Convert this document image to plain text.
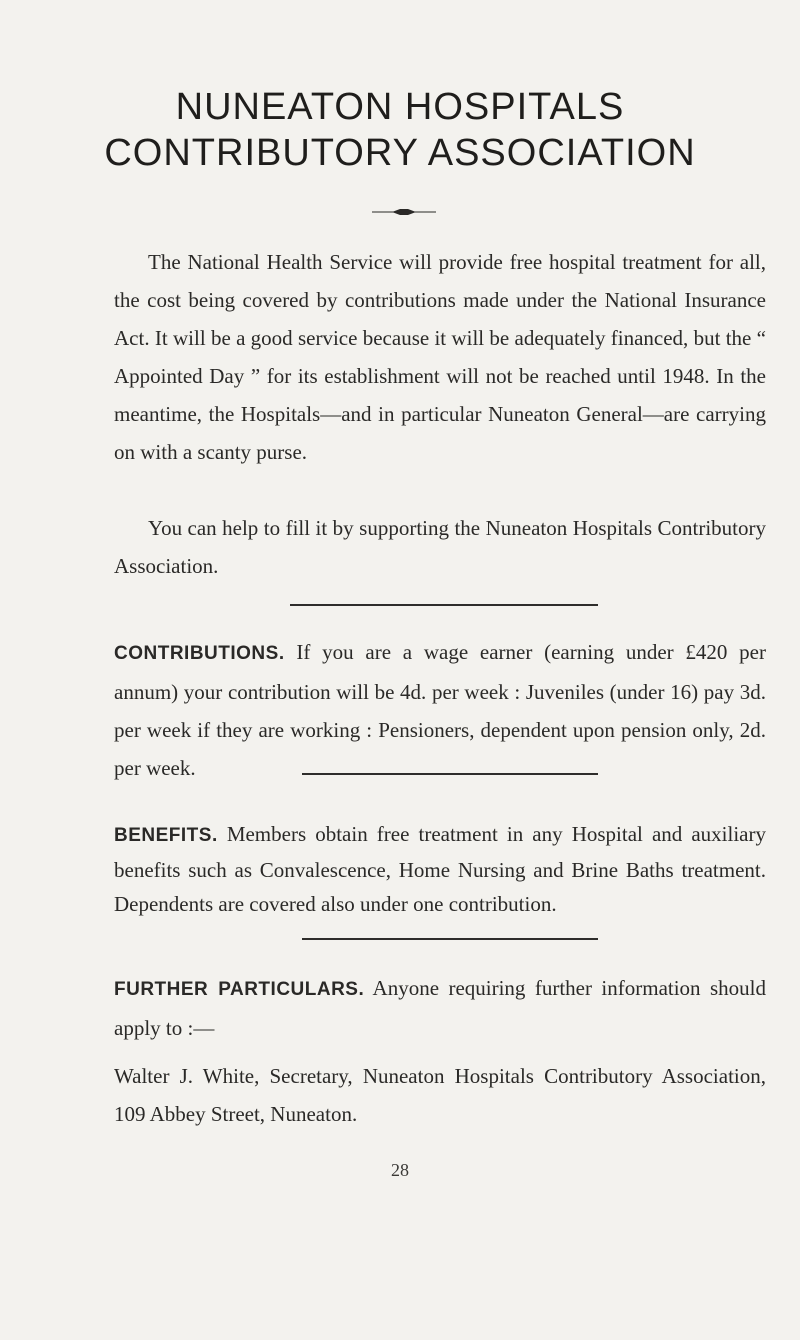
NUNEATON HOSPITALS
CONTRIBUTORY ASSOCIATION

The National Health Service will provide free hospital treatment for all, the cost being covered by contributions made under the National Insurance Act. It will be a good service because it will be adequately financed, but the “ Appointed Day ” for its establishment will not be reached until 1948. In the meantime, the Hospitals—and in particular Nuneaton General—are carrying on with a scanty purse.

You can help to fill it by supporting the Nuneaton Hospitals Contributory Association.

CONTRIBUTIONS. If you are a wage earner (earning under £420 per annum) your contribution will be 4d. per week : Juveniles (under 16) pay 3d. per week if they are working : Pensioners, dependent upon pension only, 2d. per week.

BENEFITS. Members obtain free treatment in any Hospital and auxiliary benefits such as Convalescence, Home Nursing and Brine Baths treatment. Dependents are covered also under one contribution.

FURTHER PARTICULARS. Anyone requiring further information should apply to :—

Walter J. White, Secretary, Nuneaton Hospitals Contributory Association, 109 Abbey Street, Nuneaton.

28
